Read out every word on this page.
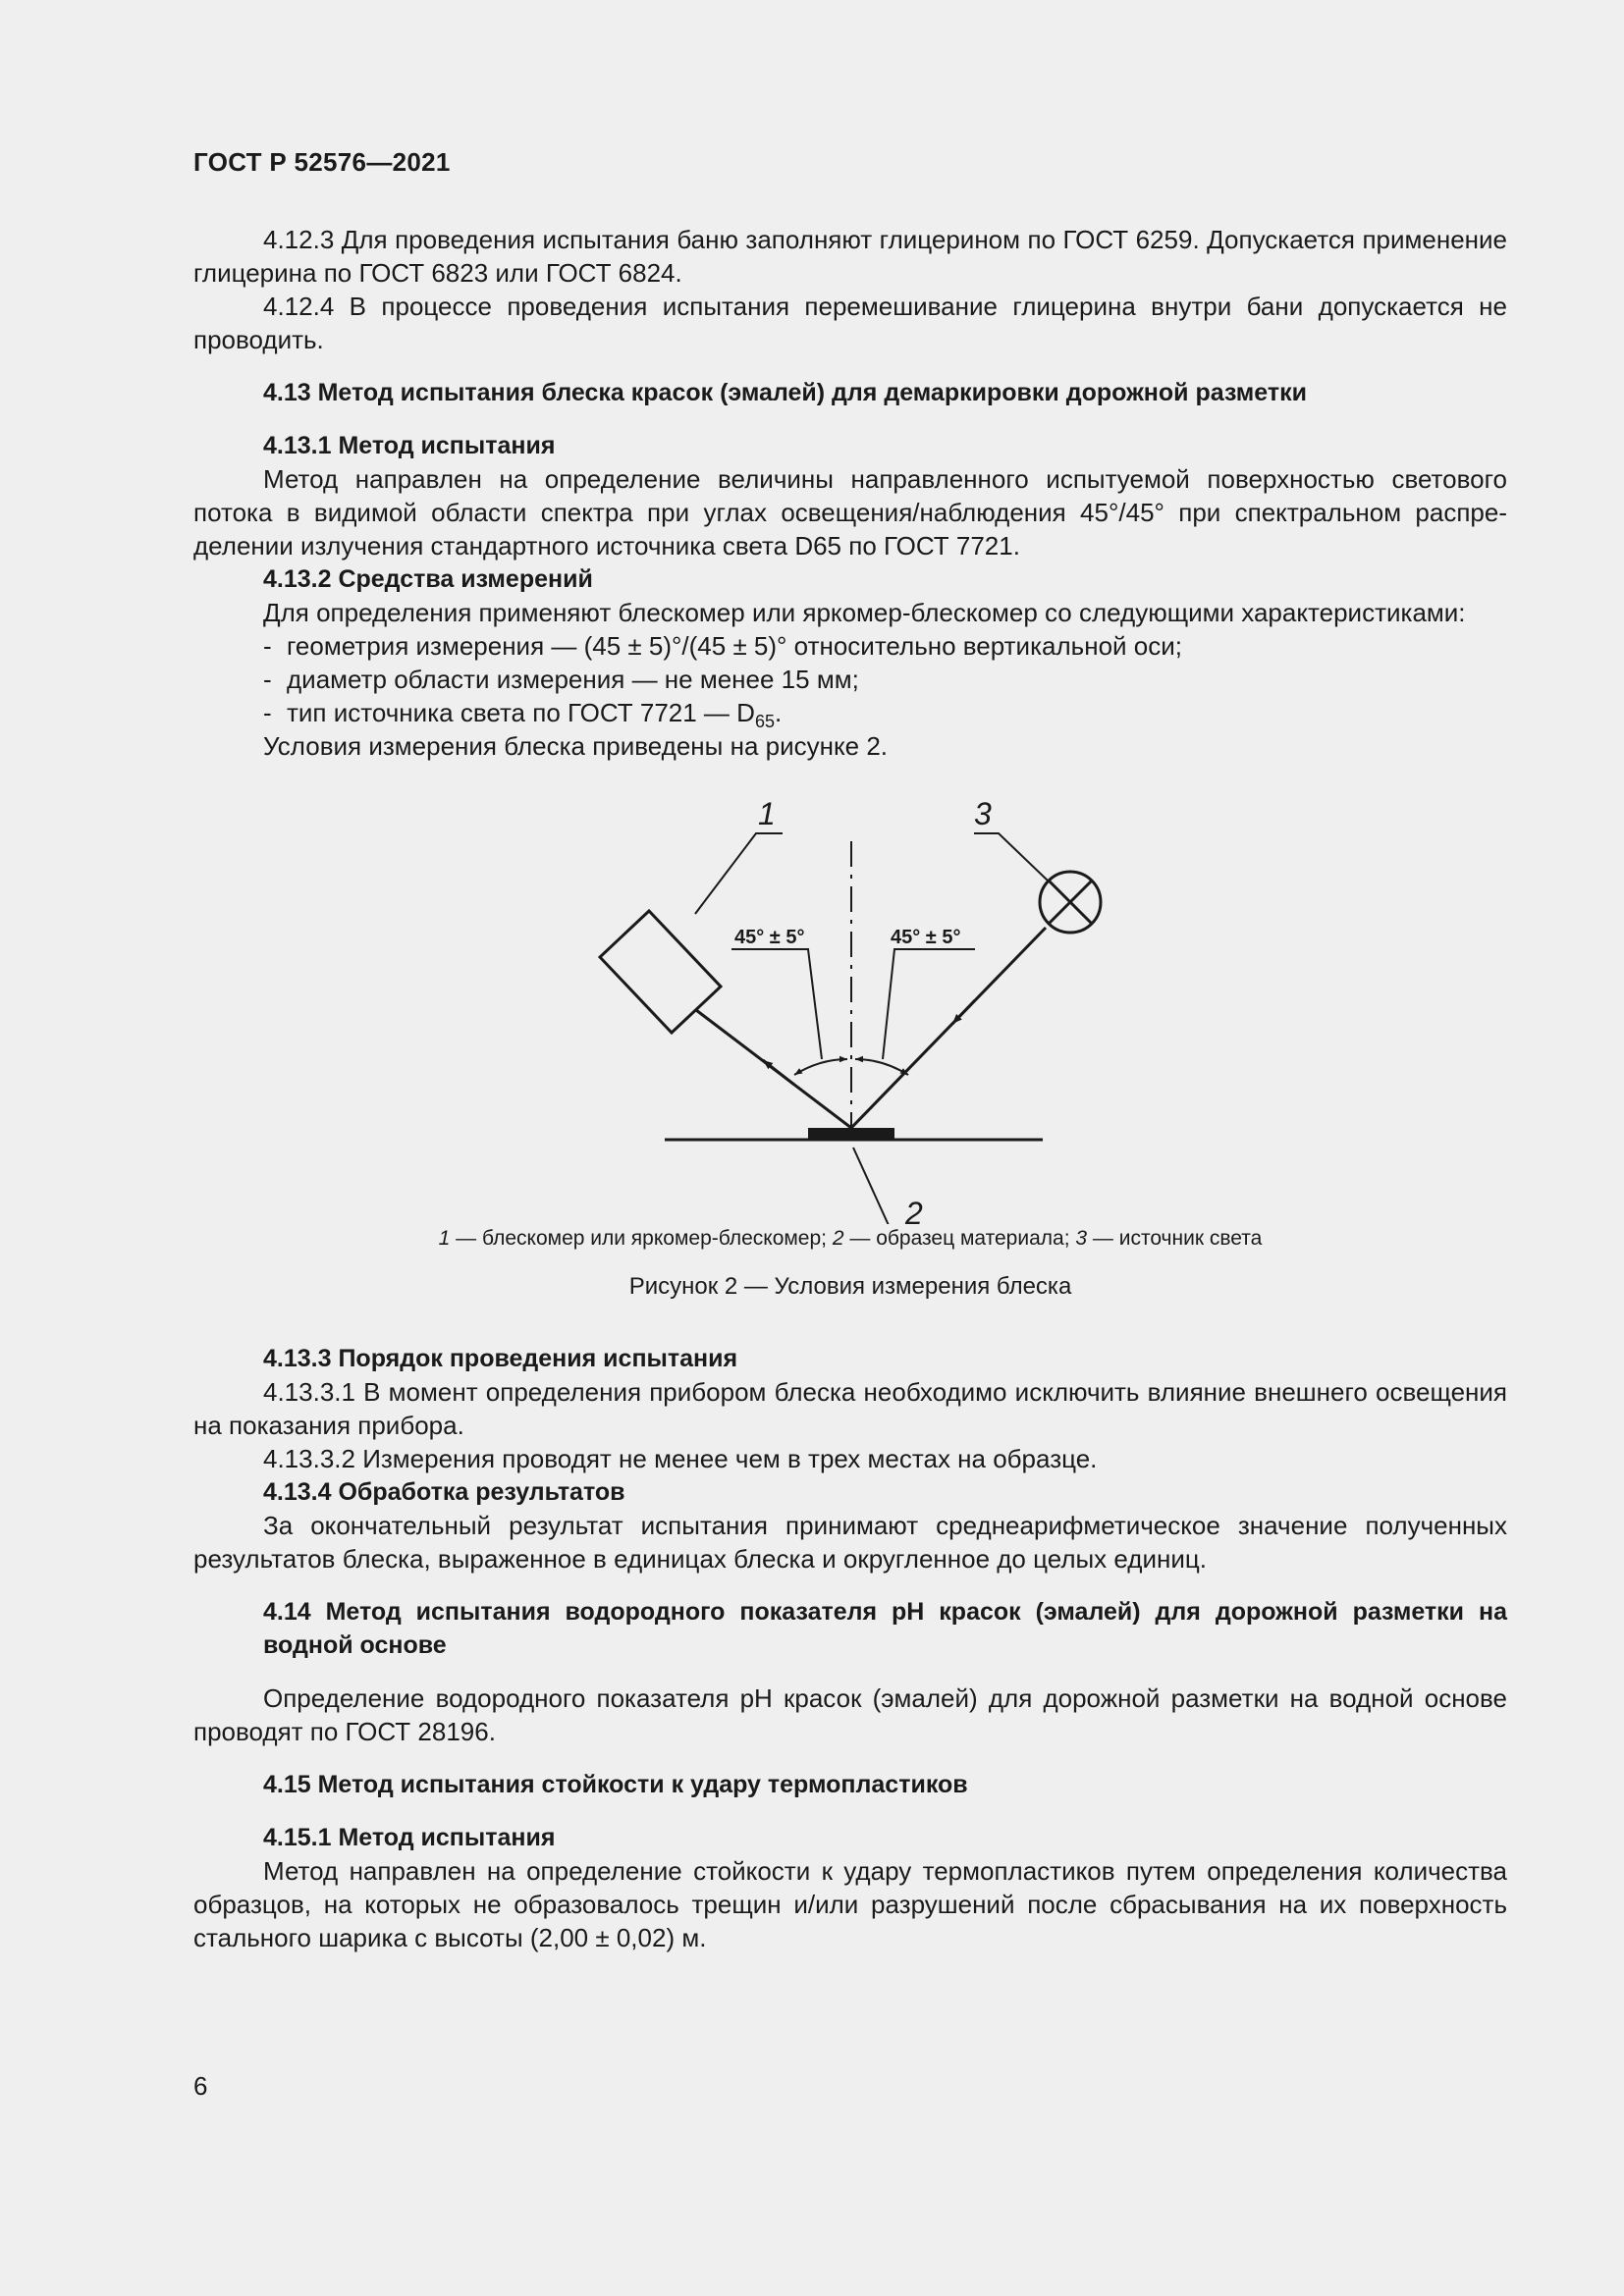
ГОСТ Р 52576—2021

4.12.3 Для проведения испытания баню заполняют глицерином по ГОСТ 6259. Допускается применение глицерина по ГОСТ 6823 или ГОСТ 6824.

4.12.4 В процессе проведения испытания перемешивание глицерина внутри бани допускается не проводить.

4.13 Метод испытания блеска красок (эмалей) для демаркировки дорожной разметки

4.13.1 Метод испытания

Метод направлен на определение величины направленного испытуемой поверхностью светового потока в видимой области спектра при углах освещения/наблюдения 45°/45° при спектральном распределении излучения стандартного источника света D65 по ГОСТ 7721.

4.13.2 Средства измерений

Для определения применяют блескомер или яркомер-блескомер со следующими характеристиками:

- геометрия измерения — (45 ± 5)°/(45 ± 5)° относительно вертикальной оси;
- диаметр области измерения — не менее 15 мм;
- тип источника света по ГОСТ 7721 — $D_{65}$.

Условия измерения блеска приведены на рисунке 2.

1	3
2
45° ± 5°	45° ± 5°
1 — блескомер или яркомер-блескомер; 2 — образец материала; 3 — источник света
Рисунок 2 — Условия измерения блеска

4.13.3 Порядок проведения испытания

4.13.3.1 В момент определения прибором блеска необходимо исключить влияние внешнего освещения на показания прибора.

4.13.3.2 Измерения проводят не менее чем в трех местах на образце.

4.13.4 Обработка результатов

За окончательный результат испытания принимают среднеарифметическое значение полученных результатов блеска, выраженное в единицах блеска и округленное до целых единиц.

4.14 Метод испытания водородного показателя pH красок (эмалей) для дорожной разметки на водной основе

Определение водородного показателя pH красок (эмалей) для дорожной разметки на водной основе проводят по ГОСТ 28196.

4.15 Метод испытания стойкости к удару термопластиков

4.15.1 Метод испытания

Метод направлен на определение стойкости к удару термопластиков путем определения количества образцов, на которых не образовалось трещин и/или разрушений после сбрасывания на их поверхность стального шарика с высоты (2,00 ± 0,02) м.

6
